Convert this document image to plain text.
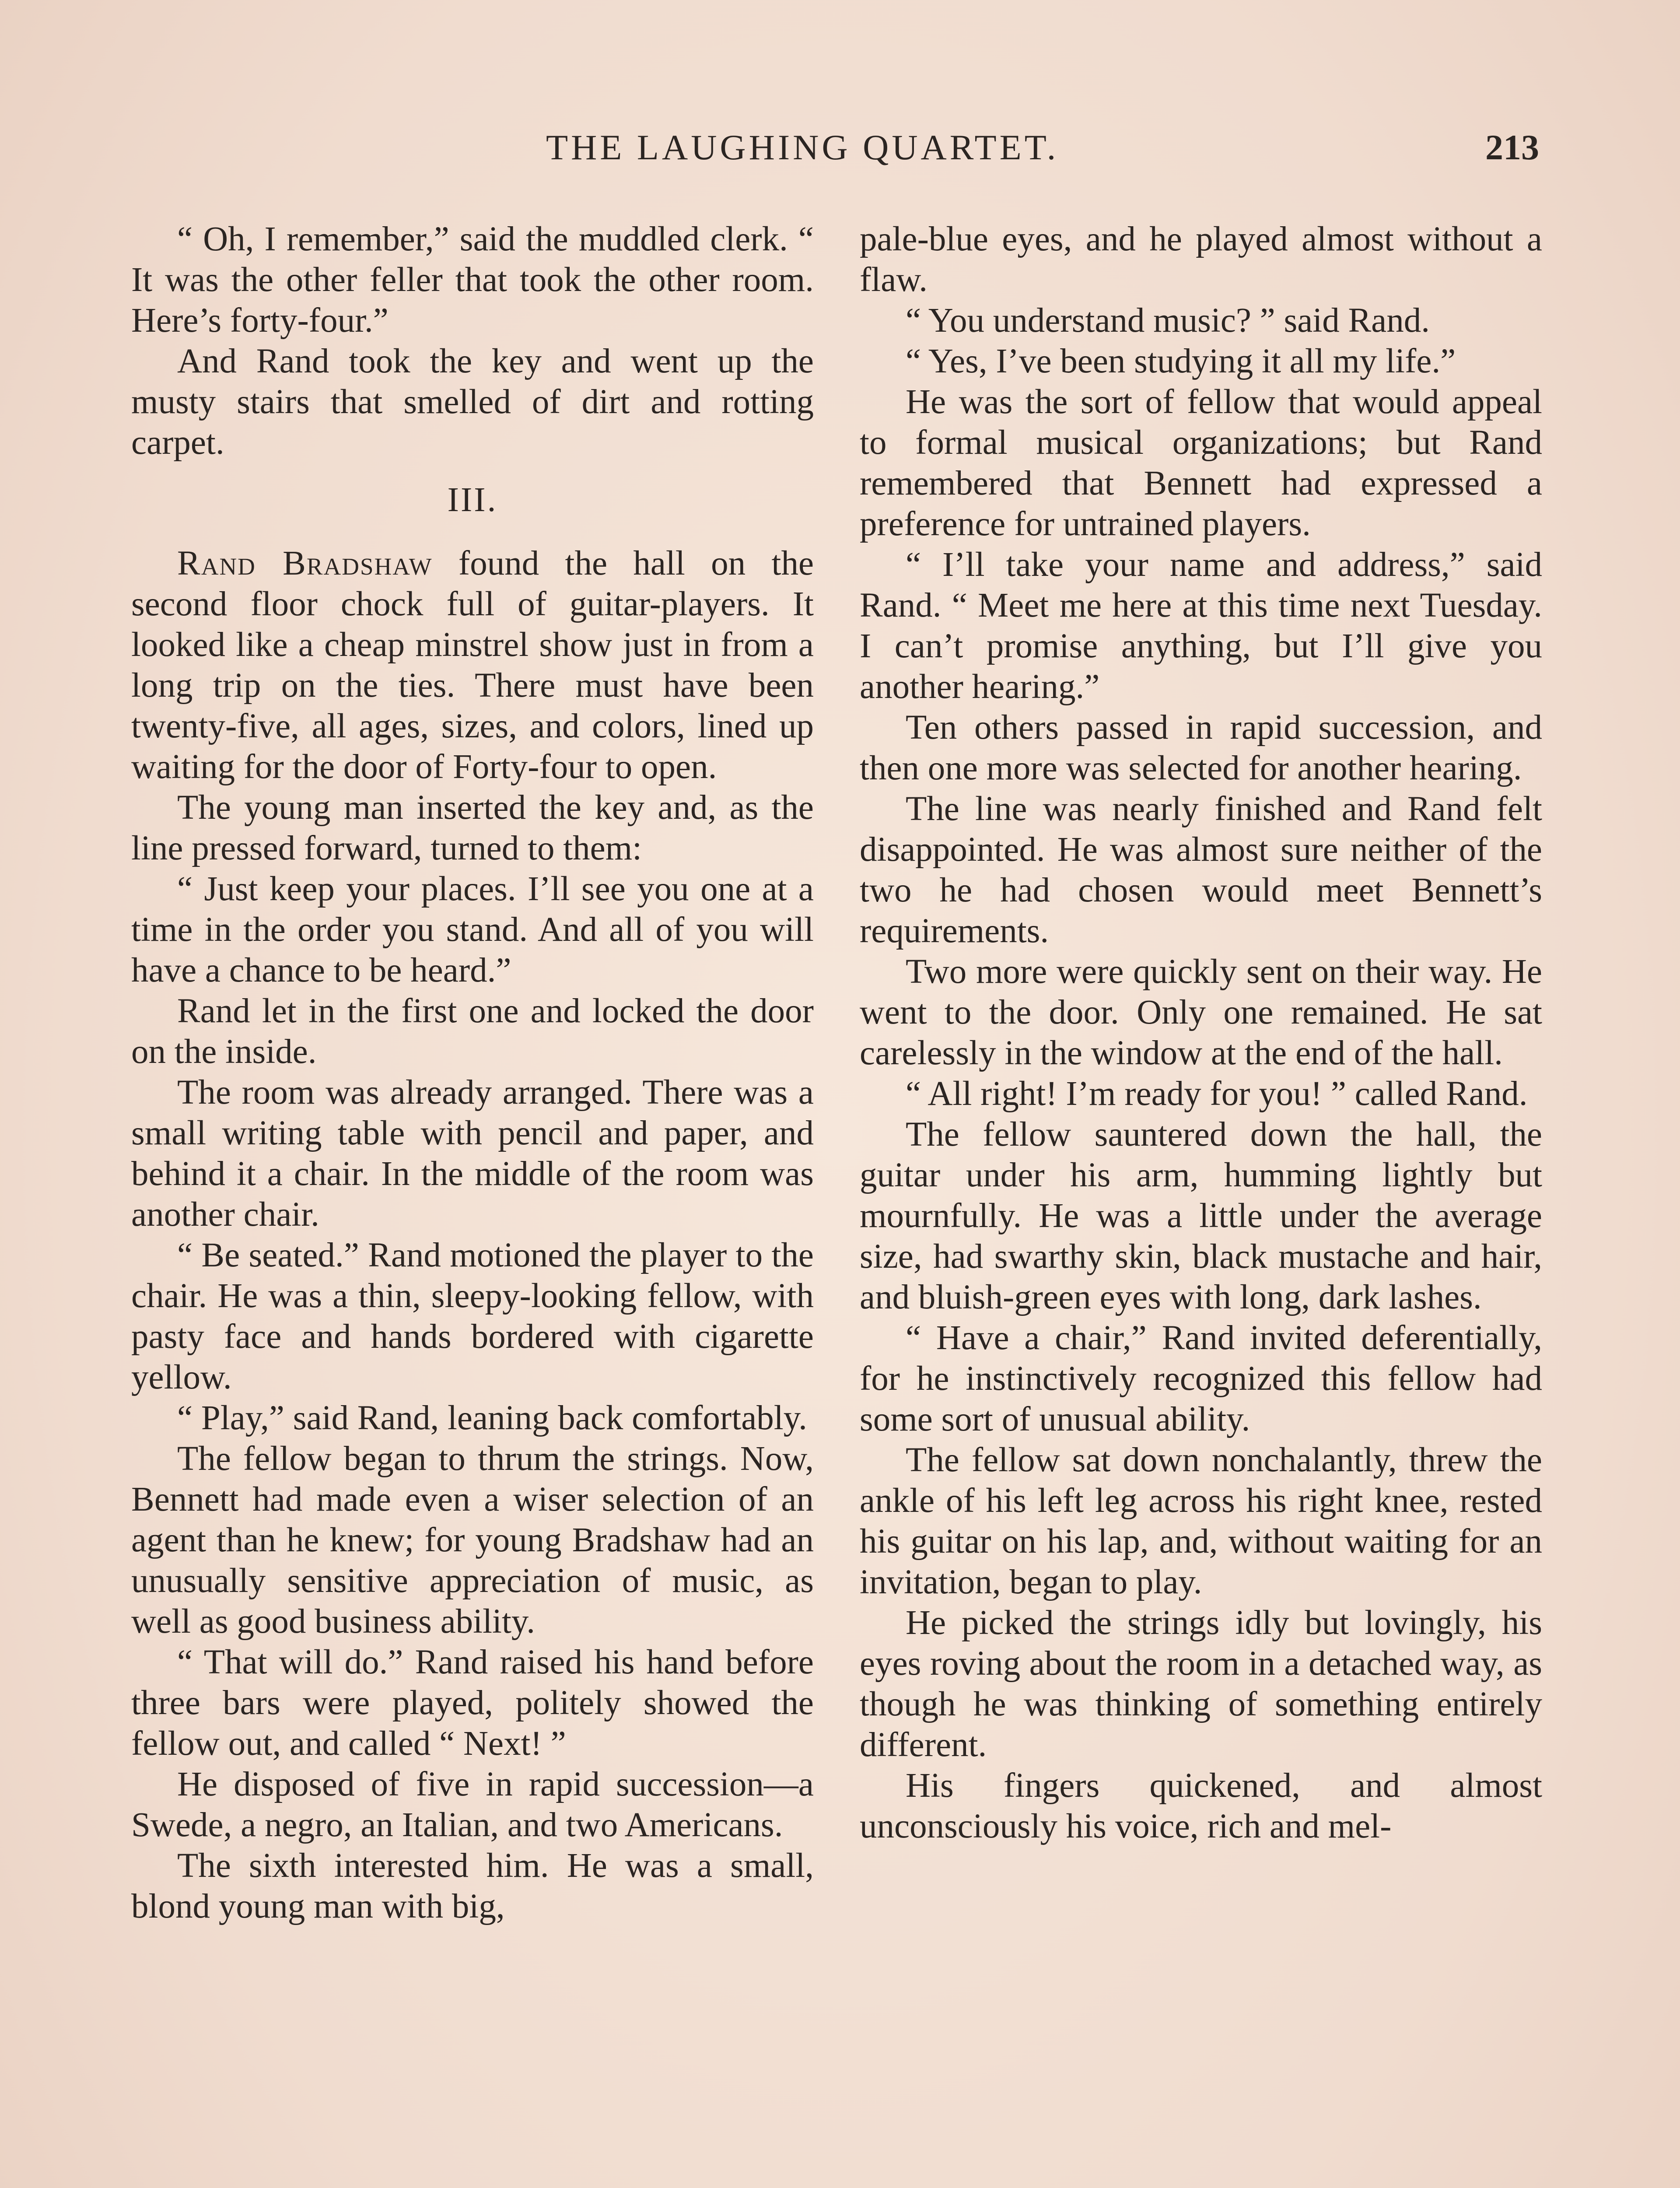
THE LAUGHING QUARTET.	213

“ Oh, I remember,” said the muddled clerk. “ It was the other feller that took the other room. Here’s forty-four.”

And Rand took the key and went up the musty stairs that smelled of dirt and rotting carpet.

III.

Rand Bradshaw found the hall on the second floor chock full of guitar-players. It looked like a cheap minstrel show just in from a long trip on the ties. There must have been twenty-five, all ages, sizes, and colors, lined up waiting for the door of Forty-four to open.

The young man inserted the key and, as the line pressed forward, turned to them:

“ Just keep your places. I’ll see you one at a time in the order you stand. And all of you will have a chance to be heard.”

Rand let in the first one and locked the door on the inside.

The room was already arranged. There was a small writing table with pencil and paper, and behind it a chair. In the middle of the room was another chair.

“ Be seated.” Rand motioned the player to the chair. He was a thin, sleepy-looking fellow, with pasty face and hands bordered with cigarette yellow.

“ Play,” said Rand, leaning back comfortably.

The fellow began to thrum the strings. Now, Bennett had made even a wiser selection of an agent than he knew; for young Bradshaw had an unusually sensitive appreciation of music, as well as good business ability.

“ That will do.” Rand raised his hand before three bars were played, politely showed the fellow out, and called “ Next! ”

He disposed of five in rapid succession—a Swede, a negro, an Italian, and two Americans.

The sixth interested him. He was a small, blond young man with big,

pale-blue eyes, and he played almost without a flaw.

“ You understand music? ” said Rand.

“ Yes, I’ve been studying it all my life.”

He was the sort of fellow that would appeal to formal musical organizations; but Rand remembered that Bennett had expressed a preference for untrained players.

“ I’ll take your name and address,” said Rand. “ Meet me here at this time next Tuesday. I can’t promise anything, but I’ll give you another hearing.”

Ten others passed in rapid succession, and then one more was selected for another hearing.

The line was nearly finished and Rand felt disappointed. He was almost sure neither of the two he had chosen would meet Bennett’s requirements.

Two more were quickly sent on their way. He went to the door. Only one remained. He sat carelessly in the window at the end of the hall.

“ All right! I’m ready for you! ” called Rand.

The fellow sauntered down the hall, the guitar under his arm, humming lightly but mournfully. He was a little under the average size, had swarthy skin, black mustache and hair, and bluish-green eyes with long, dark lashes.

“ Have a chair,” Rand invited deferentially, for he instinctively recognized this fellow had some sort of unusual ability.

The fellow sat down nonchalantly, threw the ankle of his left leg across his right knee, rested his guitar on his lap, and, without waiting for an invitation, began to play.

He picked the strings idly but lovingly, his eyes roving about the room in a detached way, as though he was thinking of something entirely different.

His fingers quickened, and almost unconsciously his voice, rich and mel-
